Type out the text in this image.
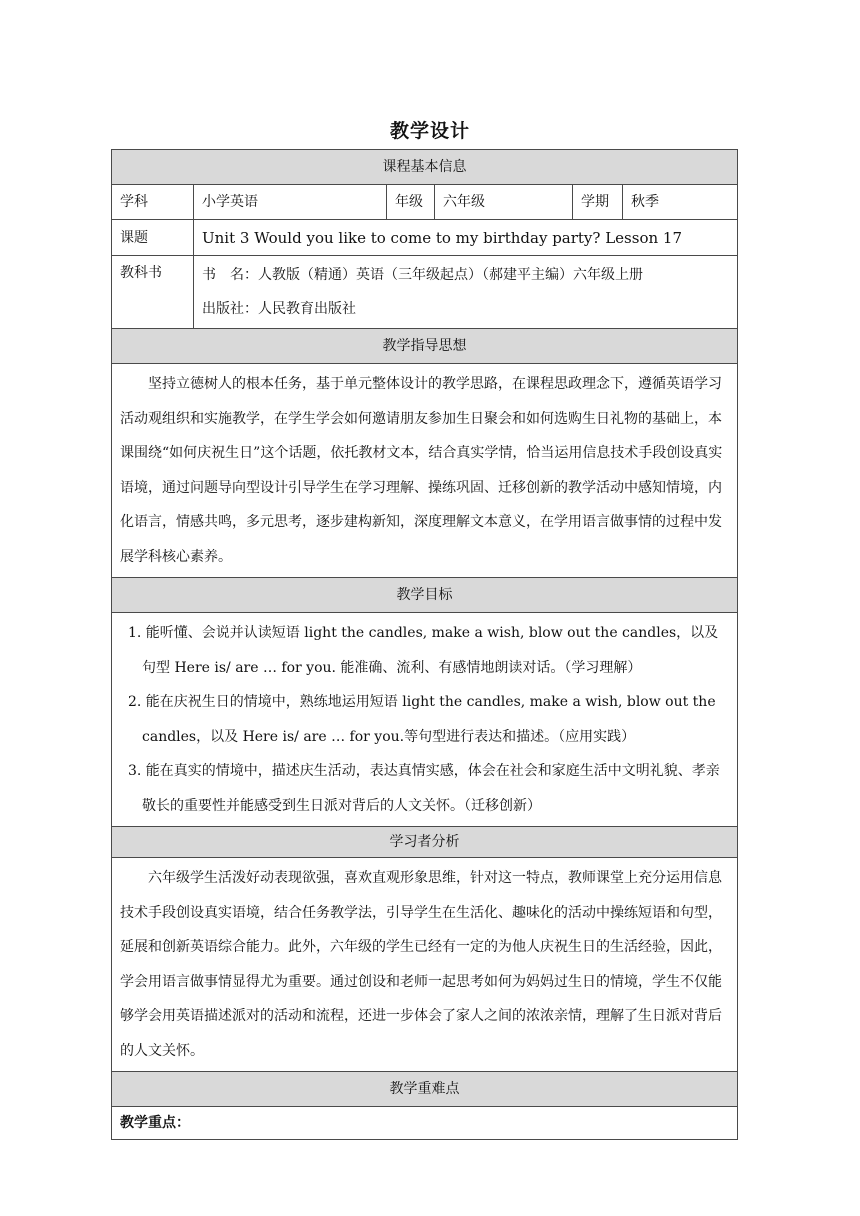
教学设计
课程基本信息					
学科	小学英语	年级	六年级	学期	秋季
课题	Unit 3 Would you like to come to my birthday party? Lesson 17				
教科书	书　名：人教版（精通）英语（三年级起点）（郝建平主编）六年级上册
出版社：人民教育出版社				

教学指导思想					
坚持立德树人的根本任务，基于单元整体设计的教学思路，在课程思政理念下，遵循英语学习活动观组织和实施教学，在学生学会如何邀请朋友参加生日聚会和如何选购生日礼物的基础上，本课围绕“如何庆祝生日”这个话题，依托教材文本，结合真实学情，恰当运用信息技术手段创设真实语境，通过问题导向型设计引导学生在学习理解、操练巩固、迁移创新的教学活动中感知情境，内化语言，情感共鸣，多元思考，逐步建构新知，深度理解文本意义，在学用语言做事情的过程中发展学科核心素养。					
教学目标					

1. 能听懂、会说并认读短语 light the candles, make a wish, blow out the candles，以及句型 Here is/ are … for you. 能准确、流利、有感情地朗读对话。（学习理解）
2. 能在庆祝生日的情境中，熟练地运用短语 light the candles, make a wish, blow out the candles，以及 Here is/ are … for you.等句型进行表达和描述。（应用实践）
3. 能在真实的情境中，描述庆生活动，表达真情实感，体会在社会和家庭生活中文明礼貌、孝亲敬长的重要性并能感受到生日派对背后的人文关怀。（迁移创新）					

学习者分析					
六年级学生活泼好动表现欲强，喜欢直观形象思维，针对这一特点，教师课堂上充分运用信息技术手段创设真实语境，结合任务教学法，引导学生在生活化、趣味化的活动中操练短语和句型，延展和创新英语综合能力。此外，六年级的学生已经有一定的为他人庆祝生日的生活经验，因此，学会用语言做事情显得尤为重要。通过创设和老师一起思考如何为妈妈过生日的情境，学生不仅能够学会用英语描述派对的活动和流程，还进一步体会了家人之间的浓浓亲情，理解了生日派对背后的人文关怀。					
教学重难点					
教学重点：					
